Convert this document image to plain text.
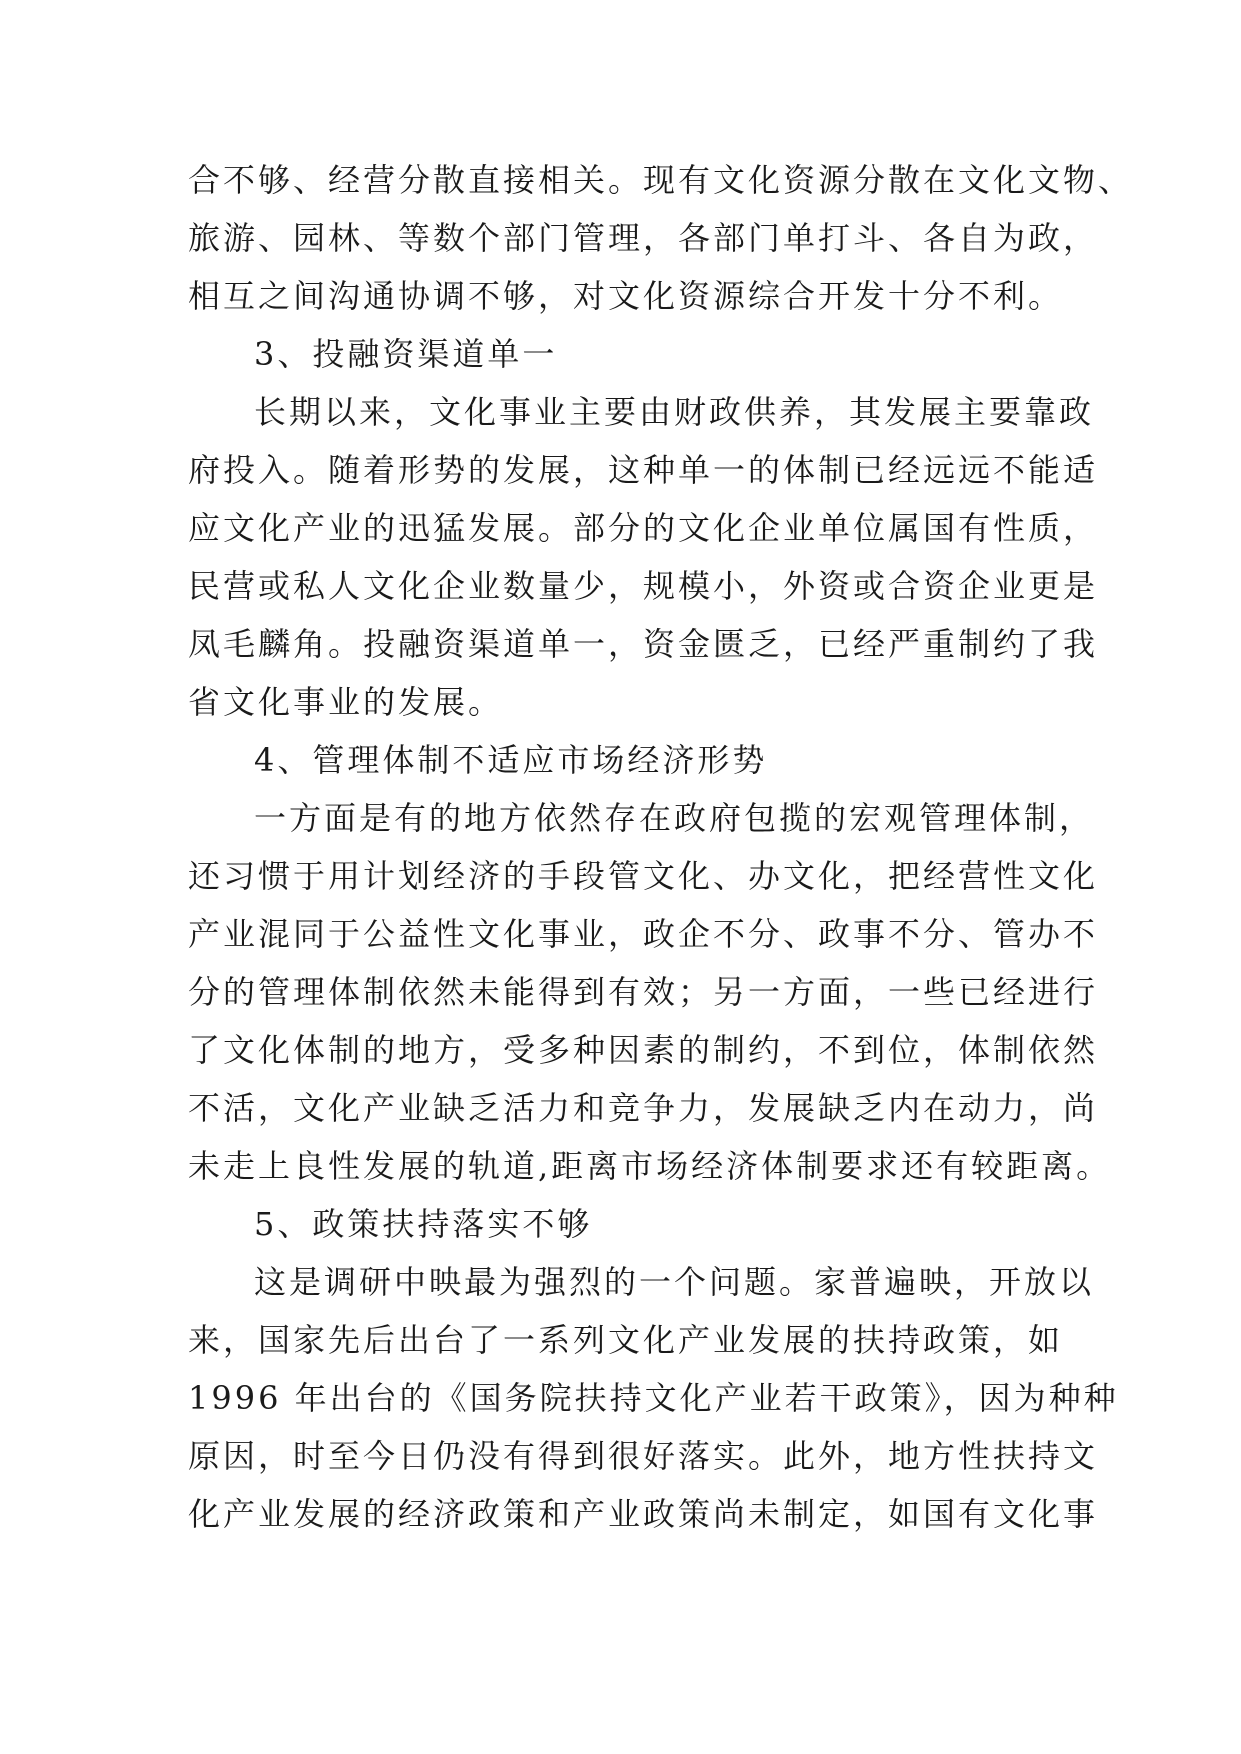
合不够、经营分散直接相关。现有文化资源分散在文化文物、
旅游、园林、等数个部门管理，各部门单打斗、各自为政，
相互之间沟通协调不够，对文化资源综合开发十分不利。
3、投融资渠道单一
长期以来，文化事业主要由财政供养，其发展主要靠政
府投入。随着形势的发展，这种单一的体制已经远远不能适
应文化产业的迅猛发展。部分的文化企业单位属国有性质，
民营或私人文化企业数量少，规模小，外资或合资企业更是
凤毛麟角。投融资渠道单一，资金匮乏，已经严重制约了我
省文化事业的发展。
4、管理体制不适应市场经济形势
一方面是有的地方依然存在政府包揽的宏观管理体制，
还习惯于用计划经济的手段管文化、办文化，把经营性文化
产业混同于公益性文化事业，政企不分、政事不分、管办不
分的管理体制依然未能得到有效；另一方面，一些已经进行
了文化体制的地方，受多种因素的制约，不到位，体制依然
不活，文化产业缺乏活力和竞争力，发展缺乏内在动力，尚
未走上良性发展的轨道,距离市场经济体制要求还有较距离。
5、政策扶持落实不够
这是调研中映最为强烈的一个问题。家普遍映，开放以
来，国家先后出台了一系列文化产业发展的扶持政策，如
1996 年出台的《国务院扶持文化产业若干政策》，因为种种
原因，时至今日仍没有得到很好落实。此外，地方性扶持文
化产业发展的经济政策和产业政策尚未制定，如国有文化事
